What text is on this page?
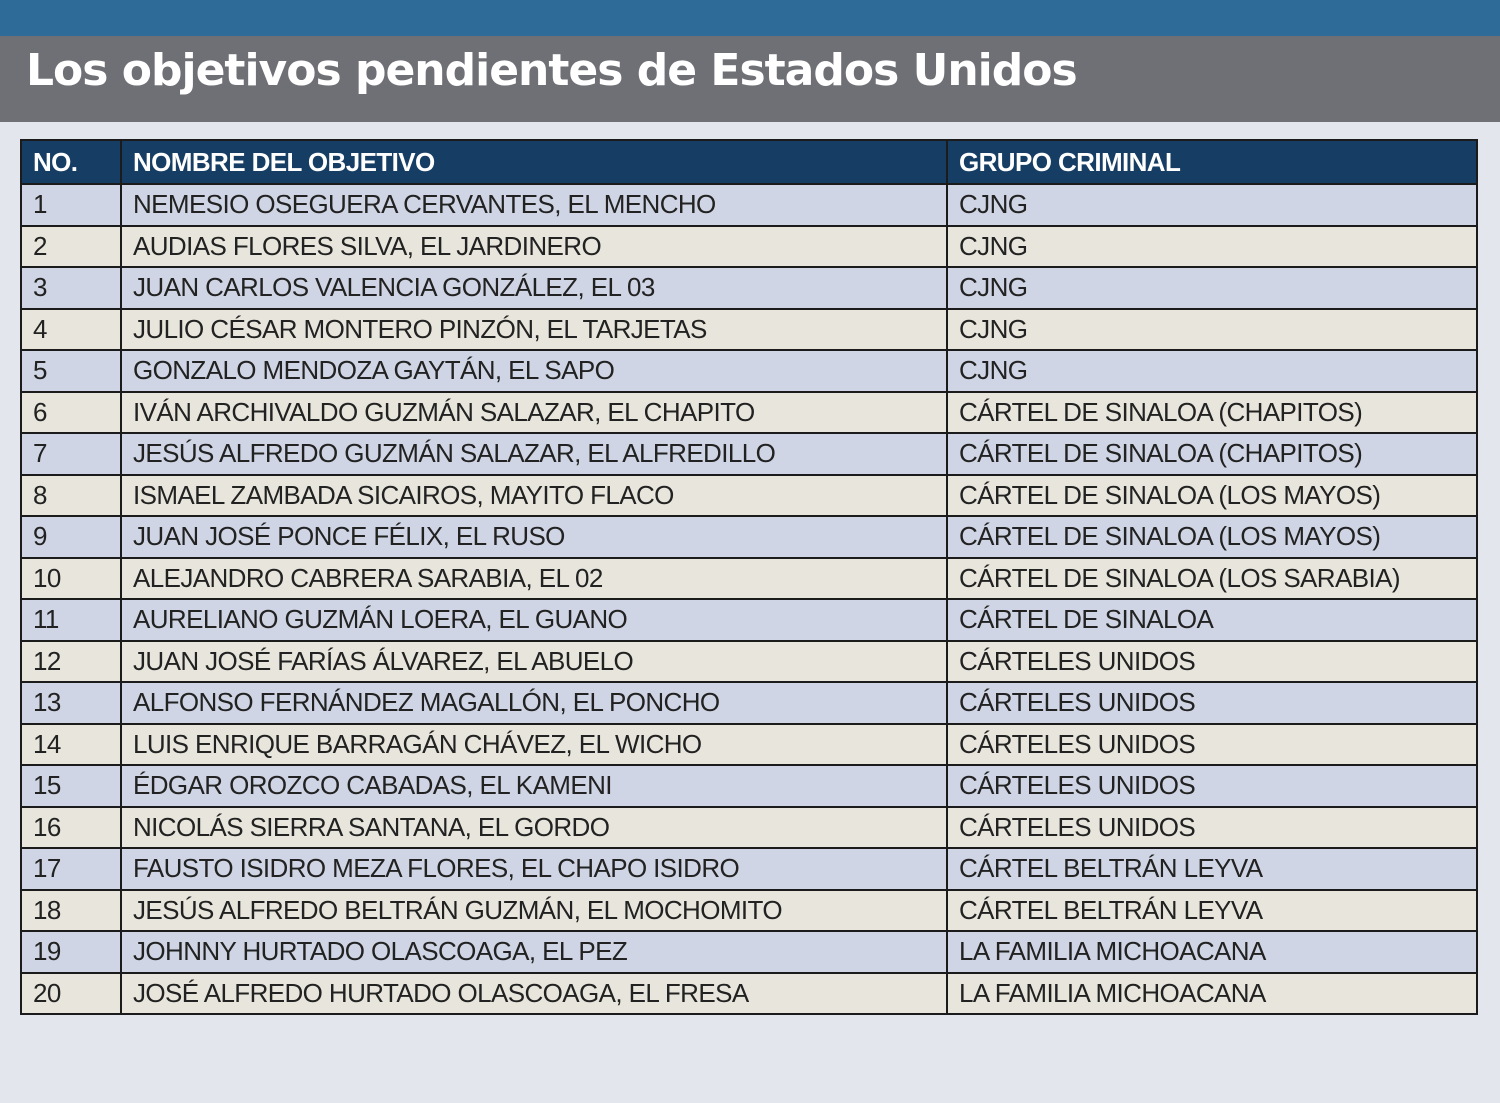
Los objetivos pendientes de Estados Unidos
NO.	NOMBRE DEL OBJETIVO	GRUPO CRIMINAL
1	NEMESIO OSEGUERA CERVANTES, EL MENCHO	CJNG
2	AUDIAS FLORES SILVA, EL JARDINERO	CJNG
3	JUAN CARLOS VALENCIA GONZÁLEZ, EL 03	CJNG
4	JULIO CÉSAR MONTERO PINZÓN, EL TARJETAS	CJNG
5	GONZALO MENDOZA GAYTÁN, EL SAPO	CJNG
6	IVÁN ARCHIVALDO GUZMÁN SALAZAR, EL CHAPITO	CÁRTEL DE SINALOA (CHAPITOS)
7	JESÚS ALFREDO GUZMÁN SALAZAR, EL ALFREDILLO	CÁRTEL DE SINALOA (CHAPITOS)
8	ISMAEL ZAMBADA SICAIROS, MAYITO FLACO	CÁRTEL DE SINALOA (LOS MAYOS)
9	JUAN JOSÉ PONCE FÉLIX, EL RUSO	CÁRTEL DE SINALOA (LOS MAYOS)
10	ALEJANDRO CABRERA SARABIA, EL 02	CÁRTEL DE SINALOA (LOS SARABIA)
11	AURELIANO GUZMÁN LOERA, EL GUANO	CÁRTEL DE SINALOA
12	JUAN JOSÉ FARÍAS ÁLVAREZ, EL ABUELO	CÁRTELES UNIDOS
13	ALFONSO FERNÁNDEZ MAGALLÓN, EL PONCHO	CÁRTELES UNIDOS
14	LUIS ENRIQUE BARRAGÁN CHÁVEZ, EL WICHO	CÁRTELES UNIDOS
15	ÉDGAR OROZCO CABADAS, EL KAMENI	CÁRTELES UNIDOS
16	NICOLÁS SIERRA SANTANA, EL GORDO	CÁRTELES UNIDOS
17	FAUSTO ISIDRO MEZA FLORES, EL CHAPO ISIDRO	CÁRTEL BELTRÁN LEYVA
18	JESÚS ALFREDO BELTRÁN GUZMÁN, EL MOCHOMITO	CÁRTEL BELTRÁN LEYVA
19	JOHNNY HURTADO OLASCOAGA, EL PEZ	LA FAMILIA MICHOACANA
20	JOSÉ ALFREDO HURTADO OLASCOAGA, EL FRESA	LA FAMILIA MICHOACANA
